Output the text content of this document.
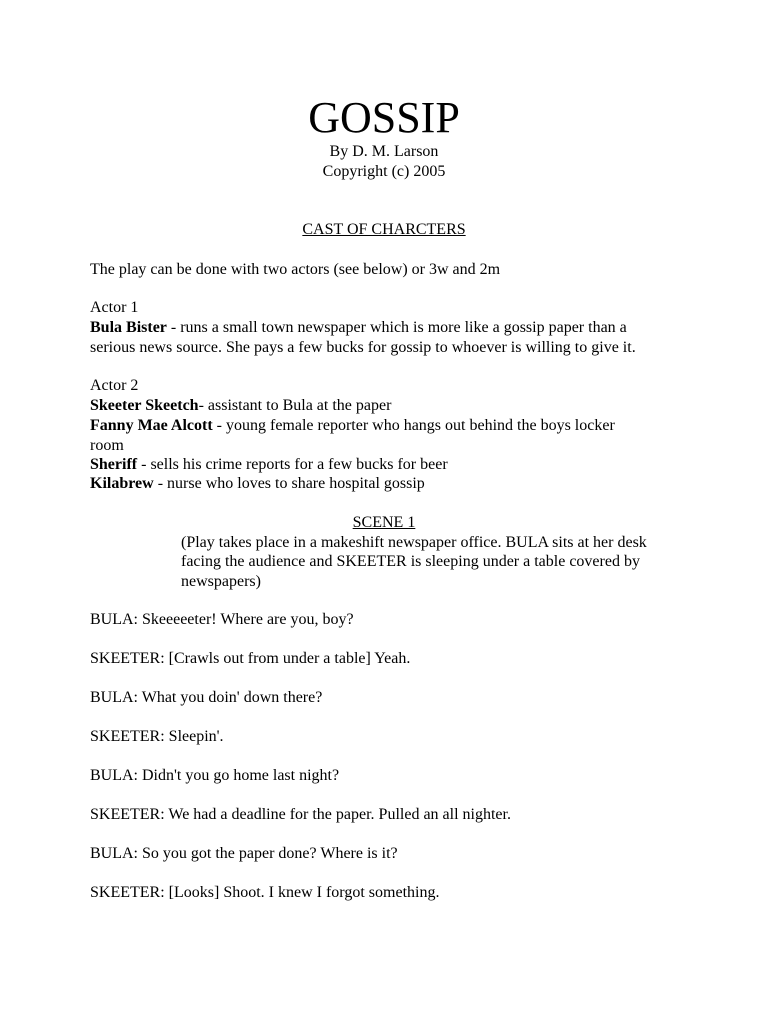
GOSSIP
By D. M. Larson
Copyright (c) 2005
CAST OF CHARCTERS
The play can be done with two actors (see below) or 3w and 2m
Actor 1
Bula Bister - runs a small town newspaper which is more like a gossip paper than a
serious news source. She pays a few bucks for gossip to whoever is willing to give it.
Actor 2
Skeeter Skeetch- assistant to Bula at the paper
Fanny Mae Alcott - young female reporter who hangs out behind the boys locker
room
Sheriff - sells his crime reports for a few bucks for beer
Kilabrew - nurse who loves to share hospital gossip
SCENE 1
(Play takes place in a makeshift newspaper office. BULA sits at her desk
facing the audience and SKEETER is sleeping under a table covered by
newspapers)
BULA: Skeeeeeter! Where are you, boy?
SKEETER: [Crawls out from under a table] Yeah.
BULA: What you doin' down there?
SKEETER: Sleepin'.
BULA: Didn't you go home last night?
SKEETER: We had a deadline for the paper. Pulled an all nighter.
BULA: So you got the paper done? Where is it?
SKEETER: [Looks] Shoot. I knew I forgot something.
